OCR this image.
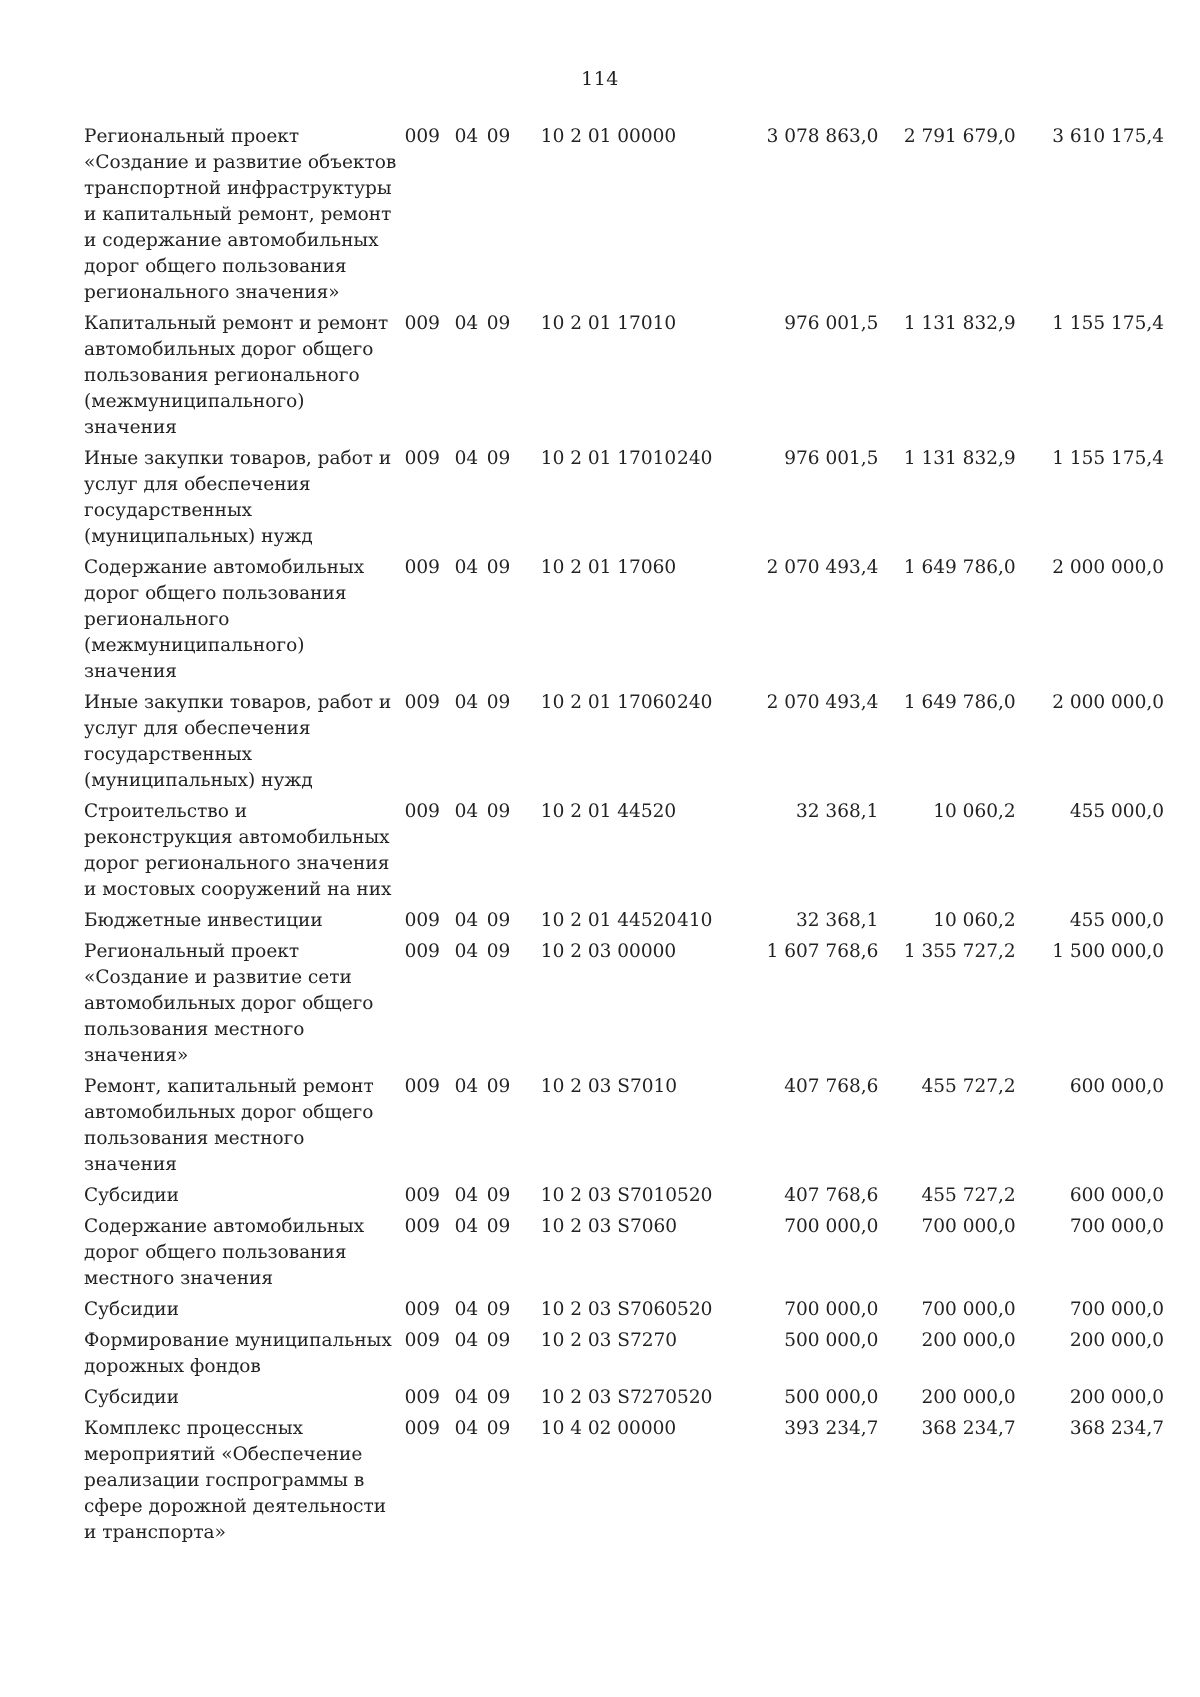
114
Региональный проект «Создание и развитие объектов транспортной инфраструктуры и капитальный ремонт, ремонт и содержание автомобильных дорог общего пользования регионального значения»	009	04	09	10 2 01 00000		3 078 863,0	2 791 679,0	3 610 175,4
Капитальный ремонт и ремонт автомобильных дорог общего пользования регионального (межмуниципального) значения	009	04	09	10 2 01 17010		976 001,5	1 131 832,9	1 155 175,4
Иные закупки товаров, работ и услуг для обеспечения государственных (муниципальных) нужд	009	04	09	10 2 01 17010	240	976 001,5	1 131 832,9	1 155 175,4
Содержание автомобильных дорог общего пользования регионального (межмуниципального) значения	009	04	09	10 2 01 17060		2 070 493,4	1 649 786,0	2 000 000,0
Иные закупки товаров, работ и услуг для обеспечения государственных (муниципальных) нужд	009	04	09	10 2 01 17060	240	2 070 493,4	1 649 786,0	2 000 000,0
Строительство и реконструкция автомобильных дорог регионального значения и мостовых сооружений на них	009	04	09	10 2 01 44520		32 368,1	10 060,2	455 000,0
Бюджетные инвестиции	009	04	09	10 2 01 44520	410	32 368,1	10 060,2	455 000,0
Региональный проект «Создание и развитие сети автомобильных дорог общего пользования местного значения»	009	04	09	10 2 03 00000		1 607 768,6	1 355 727,2	1 500 000,0
Ремонт, капитальный ремонт автомобильных дорог общего пользования местного значения	009	04	09	10 2 03 S7010		407 768,6	455 727,2	600 000,0
Субсидии	009	04	09	10 2 03 S7010	520	407 768,6	455 727,2	600 000,0
Содержание автомобильных дорог общего пользования местного значения	009	04	09	10 2 03 S7060		700 000,0	700 000,0	700 000,0
Субсидии	009	04	09	10 2 03 S7060	520	700 000,0	700 000,0	700 000,0
Формирование муниципальных дорожных фондов	009	04	09	10 2 03 S7270		500 000,0	200 000,0	200 000,0
Субсидии	009	04	09	10 2 03 S7270	520	500 000,0	200 000,0	200 000,0
Комплекс процессных мероприятий «Обеспечение реализации госпрограммы в сфере дорожной деятельности и транспорта»	009	04	09	10 4 02 00000		393 234,7	368 234,7	368 234,7
